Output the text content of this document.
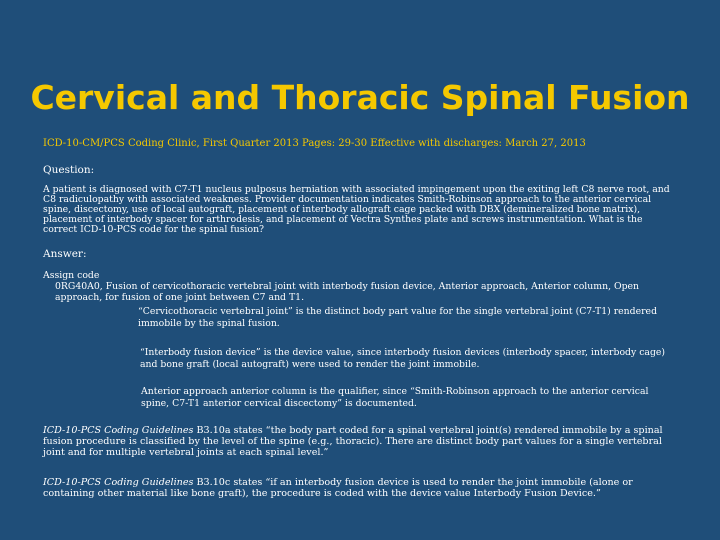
Cervical and Thoracic Spinal Fusion
ICD-10-CM/PCS Coding Clinic, First Quarter 2013 Pages: 29-30 Effective with discharges: March 27, 2013
Question:
A patient is diagnosed with C7-T1 nucleus pulposus herniation with associated impingement upon the exiting left C8 nerve root, and C8 radiculopathy with associated weakness. Provider documentation indicates Smith-Robinson approach to the anterior cervical spine, discectomy, use of local autograft, placement of interbody allograft cage packed with DBX (demineralized bone matrix), placement of interbody spacer for arthrodesis, and placement of Vectra Synthes plate and screws instrumentation. What is the correct ICD-10-PCS code for the spinal fusion?
Answer:
Assign code0RG40A0, Fusion of cervicothoracic vertebral joint with interbody fusion device, Anterior approach, Anterior column, Open approach, for fusion of one joint between C7 and T1.
“Cervicothoracic vertebral joint” is the distinct body part value for the single vertebral joint (C7-T1) rendered immobile by the spinal fusion.
“Interbody fusion device” is the device value, since interbody fusion devices (interbody spacer, interbody cage) and bone graft (local autograft) were used to render the joint immobile.
Anterior approach anterior column is the qualifier, since “Smith-Robinson approach to the anterior cervical spine, C7-T1 anterior cervical discectomy” is documented.
ICD-10-PCS Coding Guidelines B3.10a states “the body part coded for a spinal vertebral joint(s) rendered immobile by a spinal fusion procedure is classified by the level of the spine (e.g., thoracic). There are distinct body part values for a single vertebral joint and for multiple vertebral joints at each spinal level.”
ICD-10-PCS Coding Guidelines B3.10c states “if an interbody fusion device is used to render the joint immobile (alone or containing other material like bone graft), the procedure is coded with the device value Interbody Fusion Device.”
